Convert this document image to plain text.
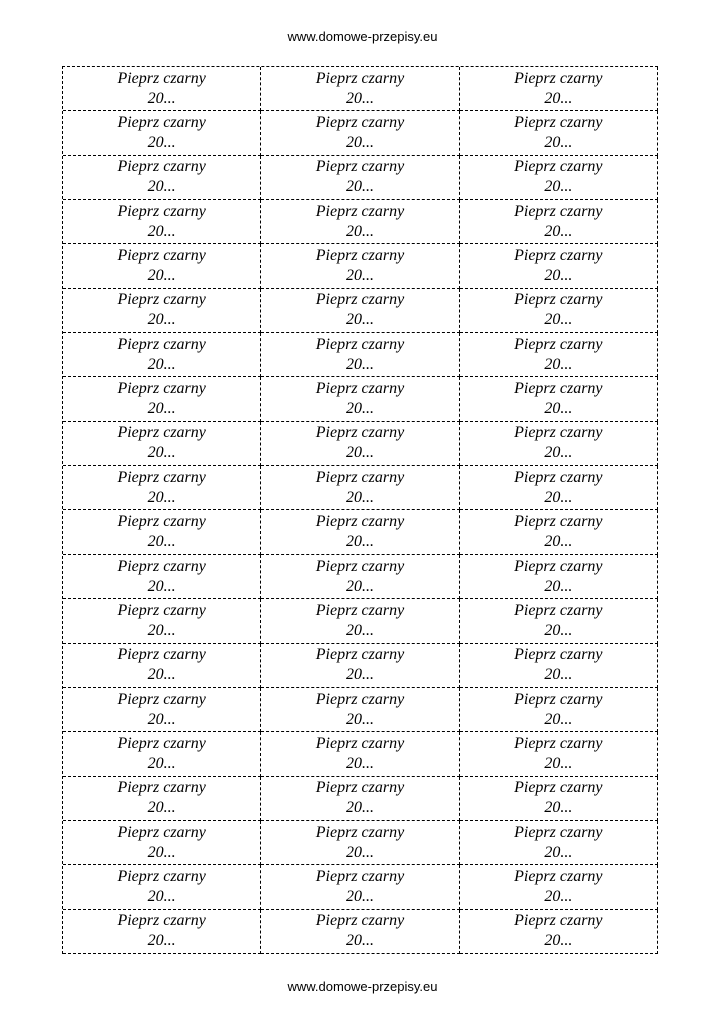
www.domowe-przepisy.eu
Pieprz czarny
20...
Pieprz czarny
20...
Pieprz czarny
20...
Pieprz czarny
20...
Pieprz czarny
20...
Pieprz czarny
20...
Pieprz czarny
20...
Pieprz czarny
20...
Pieprz czarny
20...
Pieprz czarny
20...
Pieprz czarny
20...
Pieprz czarny
20...
Pieprz czarny
20...
Pieprz czarny
20...
Pieprz czarny
20...
Pieprz czarny
20...
Pieprz czarny
20...
Pieprz czarny
20...
Pieprz czarny
20...
Pieprz czarny
20...
Pieprz czarny
20...
Pieprz czarny
20...
Pieprz czarny
20...
Pieprz czarny
20...
Pieprz czarny
20...
Pieprz czarny
20...
Pieprz czarny
20...
Pieprz czarny
20...
Pieprz czarny
20...
Pieprz czarny
20...
Pieprz czarny
20...
Pieprz czarny
20...
Pieprz czarny
20...
Pieprz czarny
20...
Pieprz czarny
20...
Pieprz czarny
20...
Pieprz czarny
20...
Pieprz czarny
20...
Pieprz czarny
20...
Pieprz czarny
20...
Pieprz czarny
20...
Pieprz czarny
20...
Pieprz czarny
20...
Pieprz czarny
20...
Pieprz czarny
20...
Pieprz czarny
20...
Pieprz czarny
20...
Pieprz czarny
20...
Pieprz czarny
20...
Pieprz czarny
20...
Pieprz czarny
20...
Pieprz czarny
20...
Pieprz czarny
20...
Pieprz czarny
20...
Pieprz czarny
20...
Pieprz czarny
20...
Pieprz czarny
20...
Pieprz czarny
20...
Pieprz czarny
20...
Pieprz czarny
20...
www.domowe-przepisy.eu
